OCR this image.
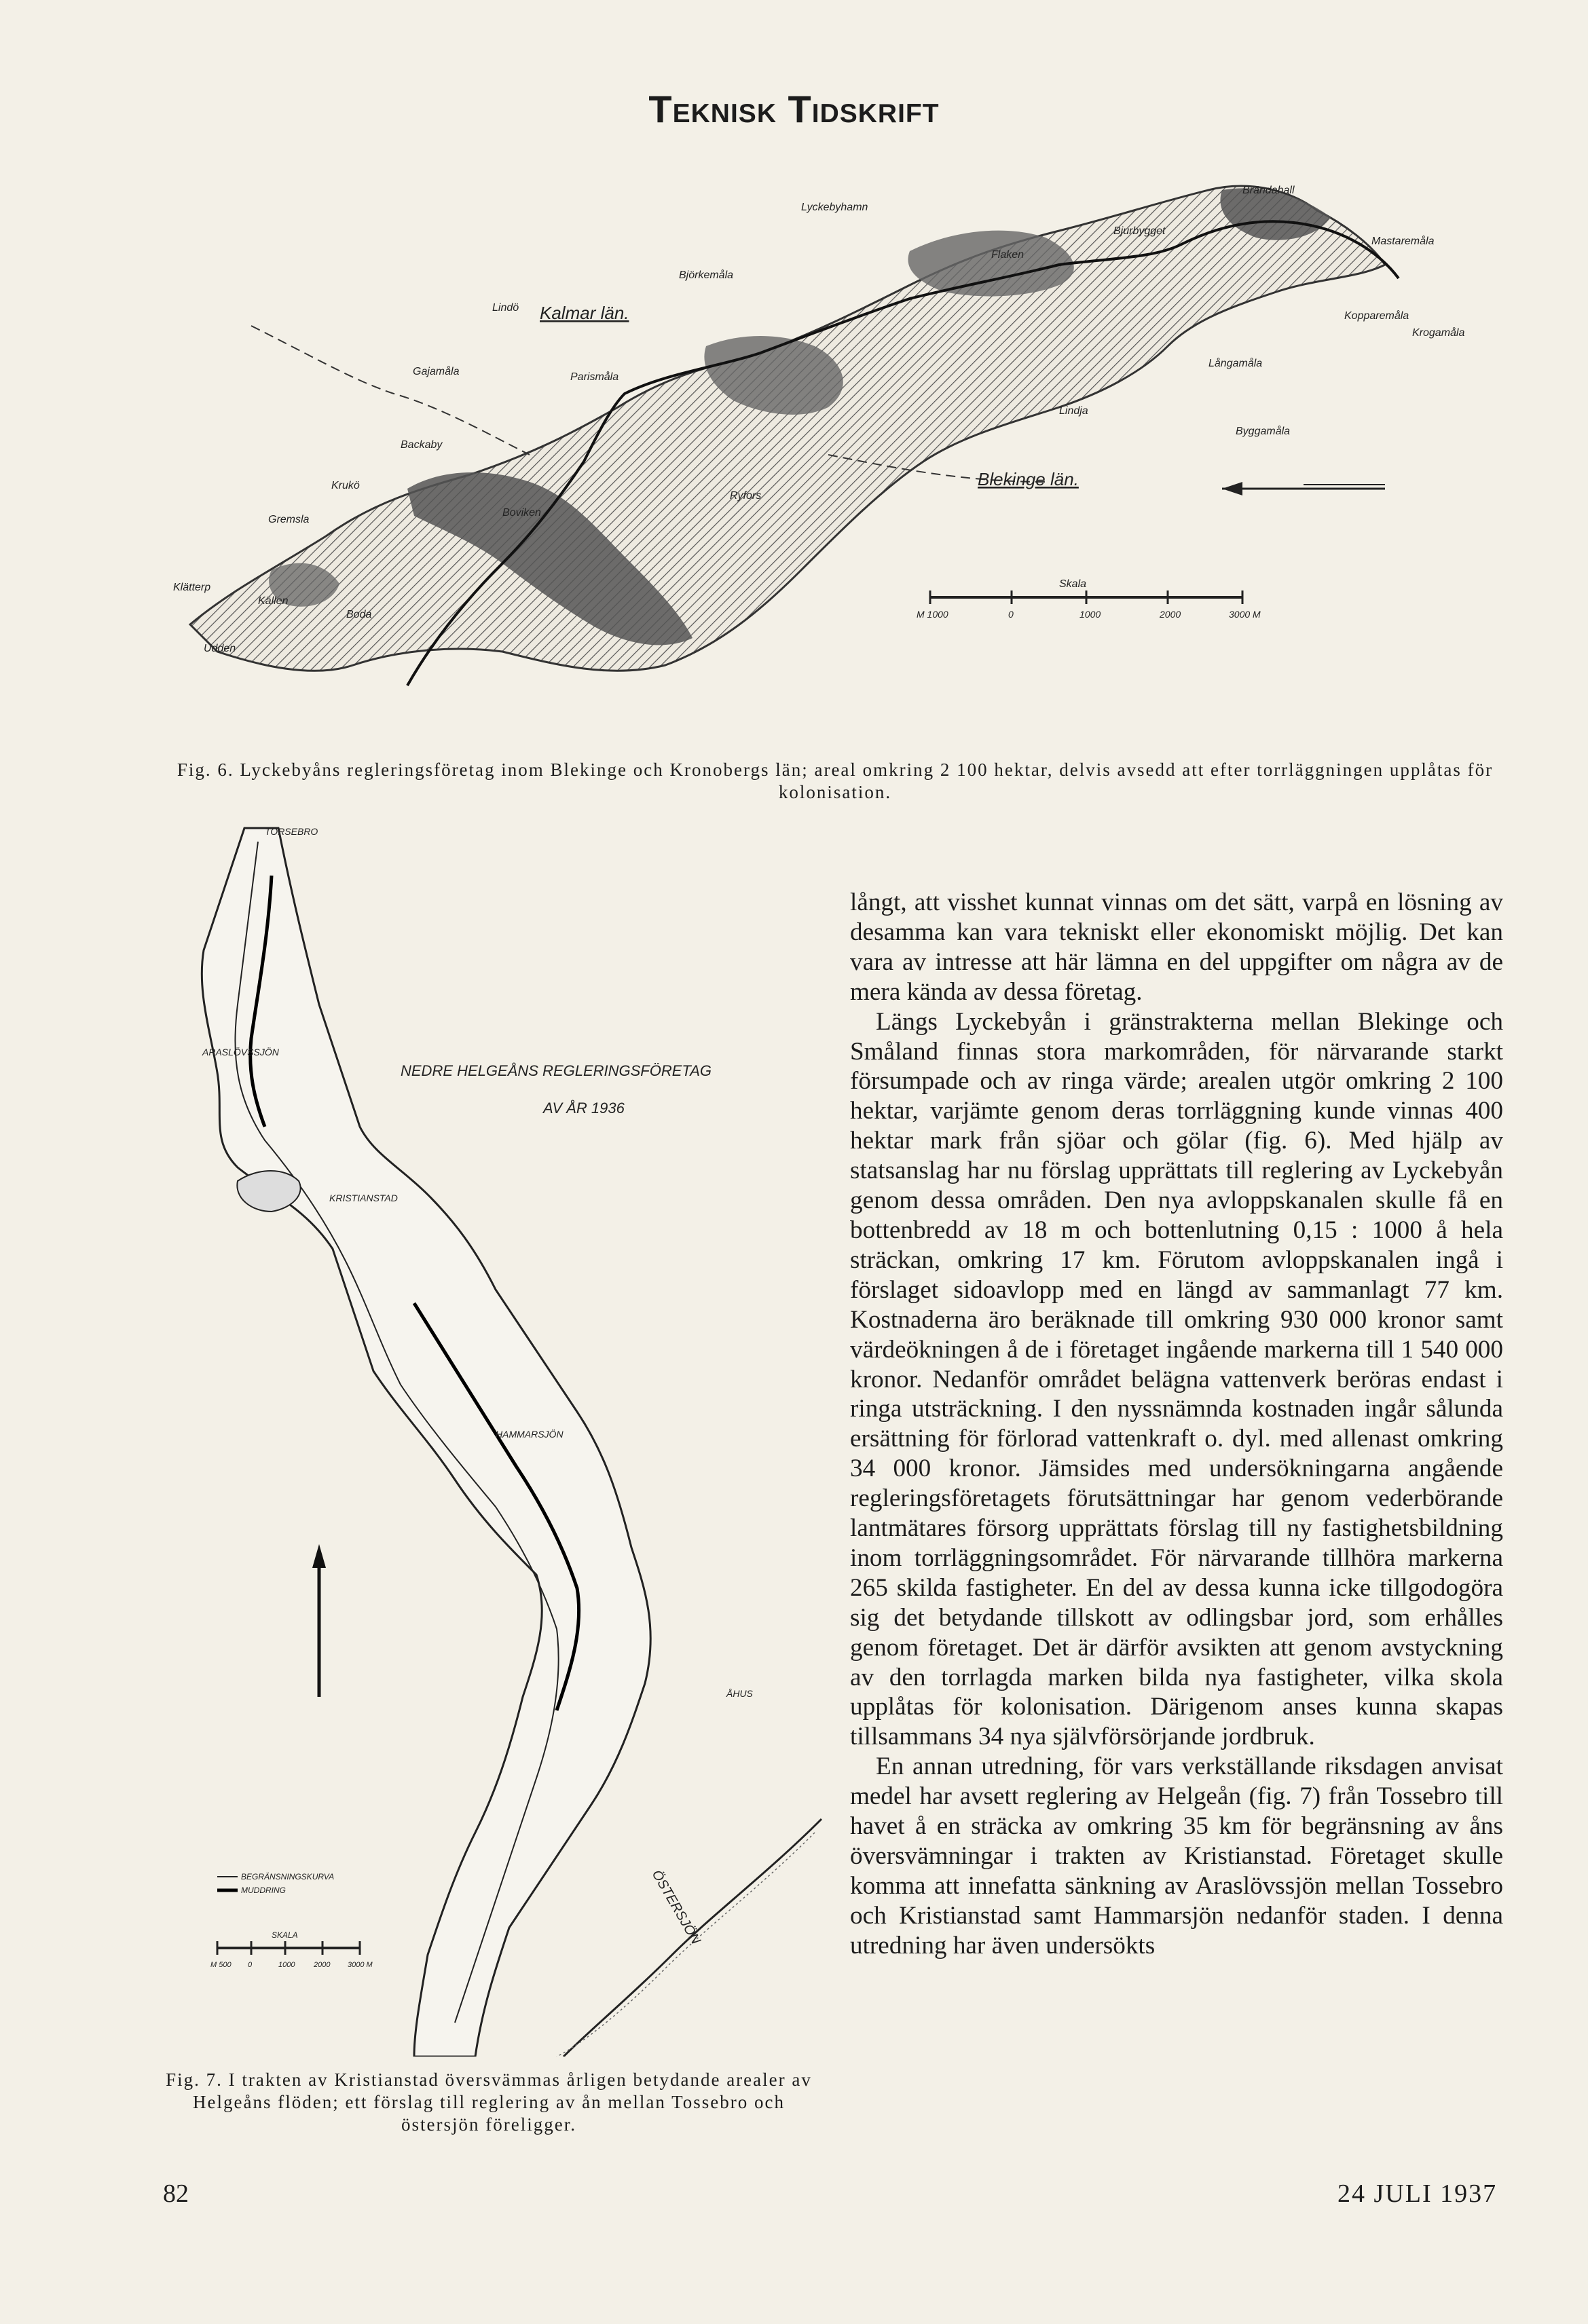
Teknisk Tidskrift
Lyckebyhamn
Brändahall
Flaken
Bjurbygget
Mastaremåla
Kopparemåla
Krogamåla
Långamåla
Lindö Kalmar län.
Björkemåla
Gajamåla	Parismåla
Lindja
Byggamåla
Backaby
Blekinge län.
Krukö
Boviken
Ryfors
Gremsla
Klätterp
Boda
Källen
Udden
Skala
M 1000	0	1000	2000	3000 M
Fig. 6. Lyckebyåns regleringsföretag inom Blekinge och Kronobergs län; areal omkring 2 100 hektar, delvis avsedd att efter torrläggningen upplåtas för kolonisation.
NEDRE HELGEÅNS REGLERINGSFÖRETAG
AV ÅR 1936
TORSEBRO
ARASLÖVSSJÖN
KRISTIANSTAD
HAMMARSJÖN
ÅHUS
ÖSTERSJÖN
BEGRÄNSNINGSKURVA
MUDDRING
SKALA
M 500 0	1000	2000 3000 M
Fig. 7. I trakten av Kristianstad översvämmas årligen betydande arealer av Helgeåns flöden; ett förslag till reglering av ån mellan Tossebro och östersjön föreligger.

långt, att visshet kunnat vinnas om det sätt, varpå en lösning av desamma kan vara tekniskt eller ekonomiskt möjlig. Det kan vara av intresse att här lämna en del uppgifter om några av de mera kända av dessa företag.

Längs Lyckebyån i gränstrakterna mellan Blekinge och Småland finnas stora markområden, för närvarande starkt försumpade och av ringa värde; arealen utgör omkring 2 100 hektar, varjämte genom deras torrläggning kunde vinnas 400 hektar mark från sjöar och gölar (fig. 6). Med hjälp av statsanslag har nu förslag upprättats till reglering av Lyckebyån genom dessa områden. Den nya avloppskanalen skulle få en bottenbredd av 18 m och bottenlutning 0,15 : 1000 å hela sträckan, omkring 17 km. Förutom avloppskanalen ingå i förslaget sidoavlopp med en längd av sammanlagt 77 km. Kostnaderna äro beräknade till omkring 930 000 kronor samt värdeökningen å de i företaget ingående markerna till 1 540 000 kronor. Nedanför området belägna vattenverk beröras endast i ringa utsträckning. I den nyssnämnda kostnaden ingår sålunda ersättning för förlorad vattenkraft o. dyl. med allenast omkring 34 000 kronor. Jämsides med undersökningarna angående regleringsföretagets förutsättningar har genom vederbörande lantmätares försorg upprättats förslag till ny fastighetsbildning inom torrläggningsområdet. För närvarande tillhöra markerna 265 skilda fastigheter. En del av dessa kunna icke tillgodogöra sig det betydande tillskott av odlingsbar jord, som erhålles genom företaget. Det är därför avsikten att genom avstyckning av den torrlagda marken bilda nya fastigheter, vilka skola upplåtas för kolonisation. Därigenom anses kunna skapas tillsammans 34 nya självförsörjande jordbruk.

En annan utredning, för vars verkställande riksdagen anvisat medel har avsett reglering av Helgeån (fig. 7) från Tossebro till havet å en sträcka av omkring 35 km för begränsning av åns översvämningar i trakten av Kristianstad. Företaget skulle komma att innefatta sänkning av Araslövssjön mellan Tossebro och Kristianstad samt Hammarsjön nedanför staden. I denna utredning har även undersökts

82	24 JULI 1937
